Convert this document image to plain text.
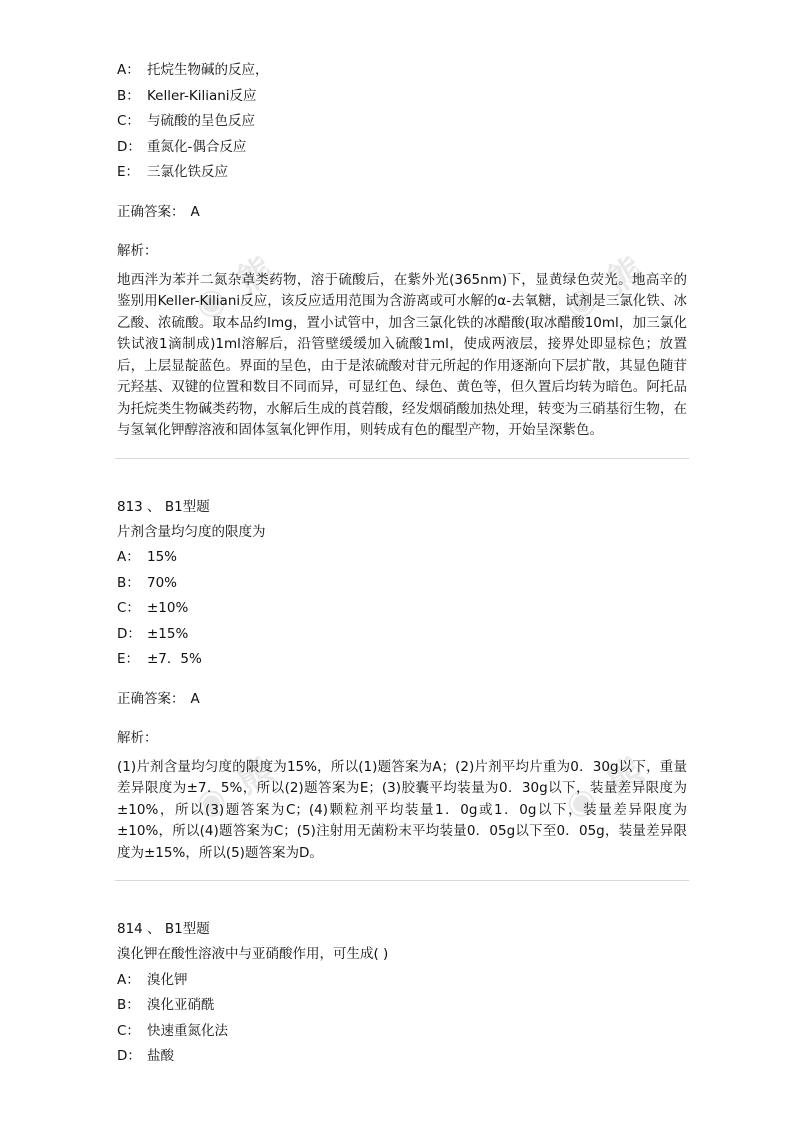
◉ 熊	◉ 熊
◉ 熊	◉ 熊
A： 托烷生物碱的反应，
B： Keller-Kiliani反应
C： 与硫酸的呈色反应
D： 重氮化-偶合反应
E： 三氯化铁反应
正确答案： A
解析：
地西泮为苯并二氮杂䓬类药物，溶于硫酸后，在紫外光(365nm)下，显黄绿色荧光。地高辛的鉴别用Keller-Kiliani反应，该反应适用范围为含游离或可水解的α-去氧糖，试剂是三氯化铁、冰乙酸、浓硫酸。取本品约Img，置小试管中，加含三氯化铁的冰醋酸(取冰醋酸10ml，加三氯化铁试液1滴制成)1ml溶解后，沿管壁缓缓加入硫酸1ml，使成两液层，接界处即显棕色；放置后，上层显靛蓝色。界面的呈色，由于是浓硫酸对苷元所起的作用逐渐向下层扩散，其显色随苷元羟基、双键的位置和数目不同而异，可显红色、绿色、黄色等，但久置后均转为暗色。阿托品为托烷类生物碱类药物，水解后生成的莨菪酸，经发烟硝酸加热处理，转变为三硝基衍生物，在与氢氧化钾醇溶液和固体氢氧化钾作用，则转成有色的醌型产物，开始呈深紫色。
813 、 B1型题
片剂含量均匀度的限度为
A： 15%
B： 70%
C： ±10%
D： ±15%
E： ±7．5%
正确答案： A
解析：
(1)片剂含量均匀度的限度为15%，所以(1)题答案为A；(2)片剂平均片重为0．30g以下，重量差异限度为±7．5%，所以(2)题答案为E；(3)胶囊平均装量为0．30g以下，装量差异限度为±10%，所以(3)题答案为C；(4)颗粒剂平均装量1．0g或1．0g以下，装量差异限度为±10%，所以(4)题答案为C；(5)注射用无菌粉末平均装量0．05g以下至0．05g，装量差异限度为±15%，所以(5)题答案为D。
814 、 B1型题
溴化钾在酸性溶液中与亚硝酸作用，可生成( )
A： 溴化钾
B： 溴化亚硝酰
C： 快速重氮化法
D： 盐酸
